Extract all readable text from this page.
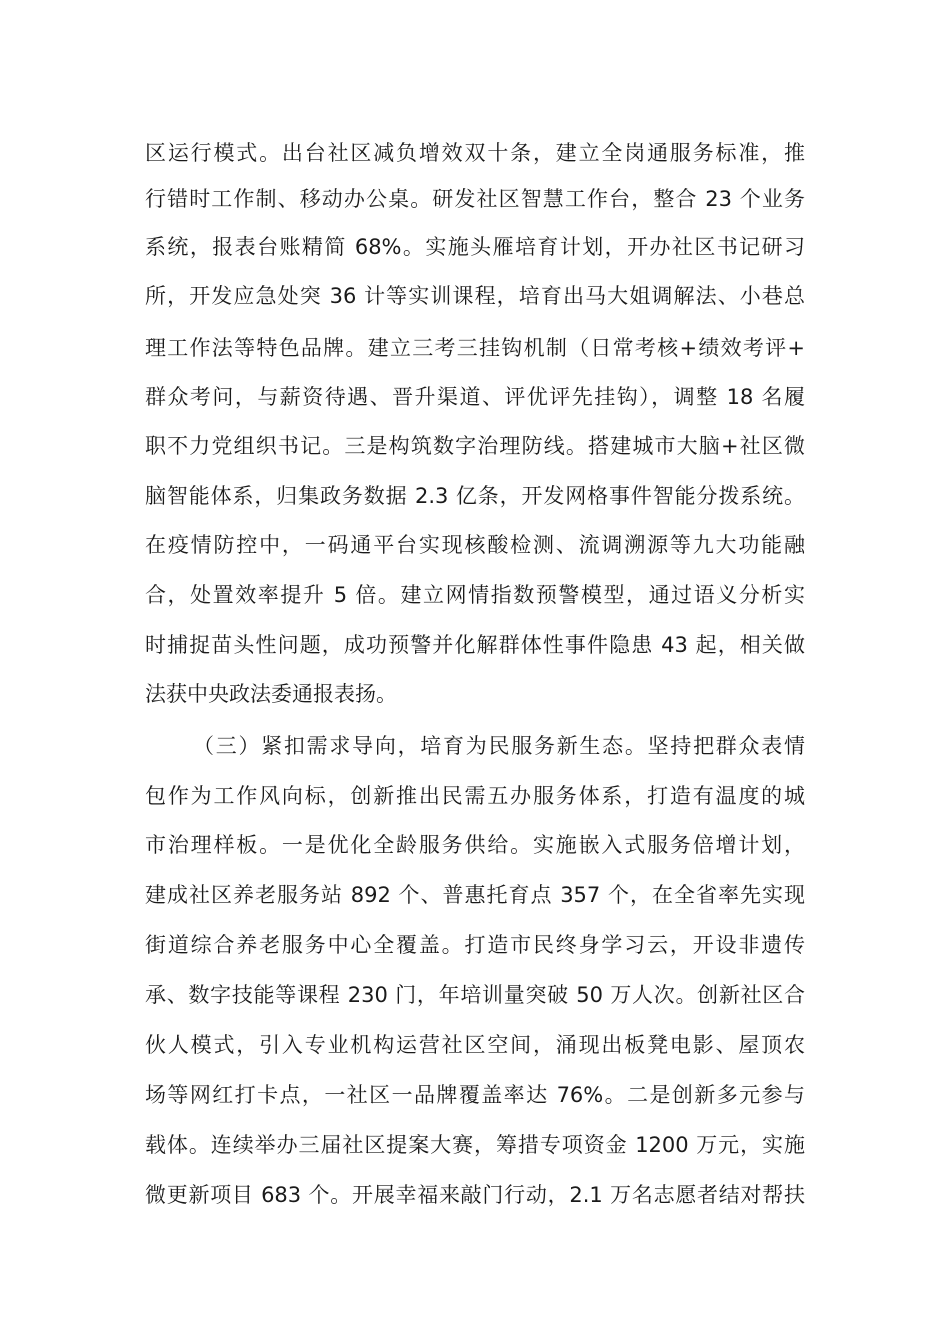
区运行模式。出台社区减负增效双十条，建立全岗通服务标准，推
行错时工作制、移动办公桌。研发社区智慧工作台，整合 23 个业务
系统，报表台账精简 68%。实施头雁培育计划，开办社区书记研习
所，开发应急处突 36 计等实训课程，培育出马大姐调解法、小巷总
理工作法等特色品牌。建立三考三挂钩机制（日常考核+绩效考评+
群众考问，与薪资待遇、晋升渠道、评优评先挂钩），调整 18 名履
职不力党组织书记。三是构筑数字治理防线。搭建城市大脑+社区微
脑智能体系，归集政务数据 2.3 亿条，开发网格事件智能分拨系统。
在疫情防控中，一码通平台实现核酸检测、流调溯源等九大功能融
合，处置效率提升 5 倍。建立网情指数预警模型，通过语义分析实
时捕捉苗头性问题，成功预警并化解群体性事件隐患 43 起，相关做
法获中央政法委通报表扬。
（三）紧扣需求导向，培育为民服务新生态。坚持把群众表情
包作为工作风向标，创新推出民需五办服务体系，打造有温度的城
市治理样板。一是优化全龄服务供给。实施嵌入式服务倍增计划，
建成社区养老服务站 892 个、普惠托育点 357 个，在全省率先实现
街道综合养老服务中心全覆盖。打造市民终身学习云，开设非遗传
承、数字技能等课程 230 门，年培训量突破 50 万人次。创新社区合
伙人模式，引入专业机构运营社区空间，涌现出板凳电影、屋顶农
场等网红打卡点，一社区一品牌覆盖率达 76%。二是创新多元参与
载体。连续举办三届社区提案大赛，筹措专项资金 1200 万元，实施
微更新项目 683 个。开展幸福来敲门行动，2.1 万名志愿者结对帮扶
